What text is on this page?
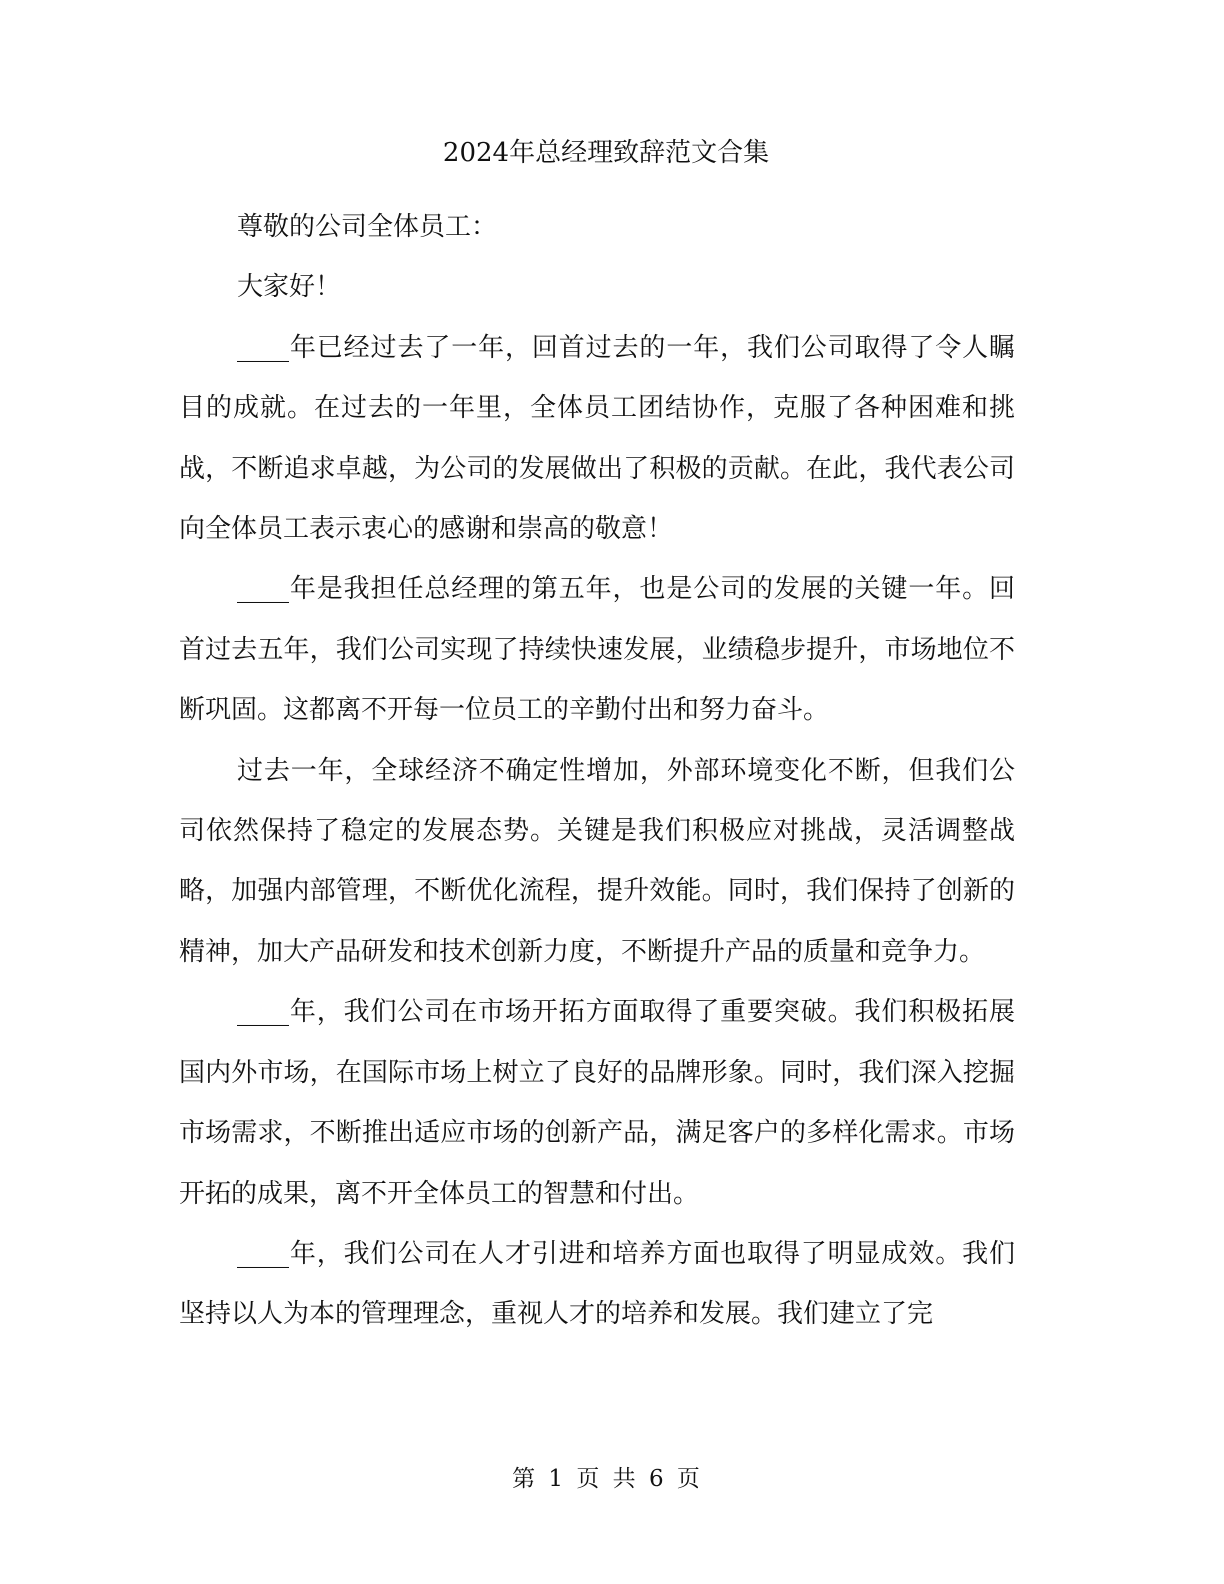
2024年总经理致辞范文合集

尊敬的公司全体员工：

大家好！

____年已经过去了一年，回首过去的一年，我们公司取得了令人瞩目的成就。在过去的一年里，全体员工团结协作，克服了各种困难和挑战，不断追求卓越，为公司的发展做出了积极的贡献。在此，我代表公司向全体员工表示衷心的感谢和崇高的敬意！

____年是我担任总经理的第五年，也是公司的发展的关键一年。回首过去五年，我们公司实现了持续快速发展，业绩稳步提升，市场地位不断巩固。这都离不开每一位员工的辛勤付出和努力奋斗。

过去一年，全球经济不确定性增加，外部环境变化不断，但我们公司依然保持了稳定的发展态势。关键是我们积极应对挑战，灵活调整战略，加强内部管理，不断优化流程，提升效能。同时，我们保持了创新的精神，加大产品研发和技术创新力度，不断提升产品的质量和竞争力。

____年，我们公司在市场开拓方面取得了重要突破。我们积极拓展国内外市场，在国际市场上树立了良好的品牌形象。同时，我们深入挖掘市场需求，不断推出适应市场的创新产品，满足客户的多样化需求。市场开拓的成果，离不开全体员工的智慧和付出。

____年，我们公司在人才引进和培养方面也取得了明显成效。我们坚持以人为本的管理理念，重视人才的培养和发展。我们建立了完

第 1 页 共 6 页
